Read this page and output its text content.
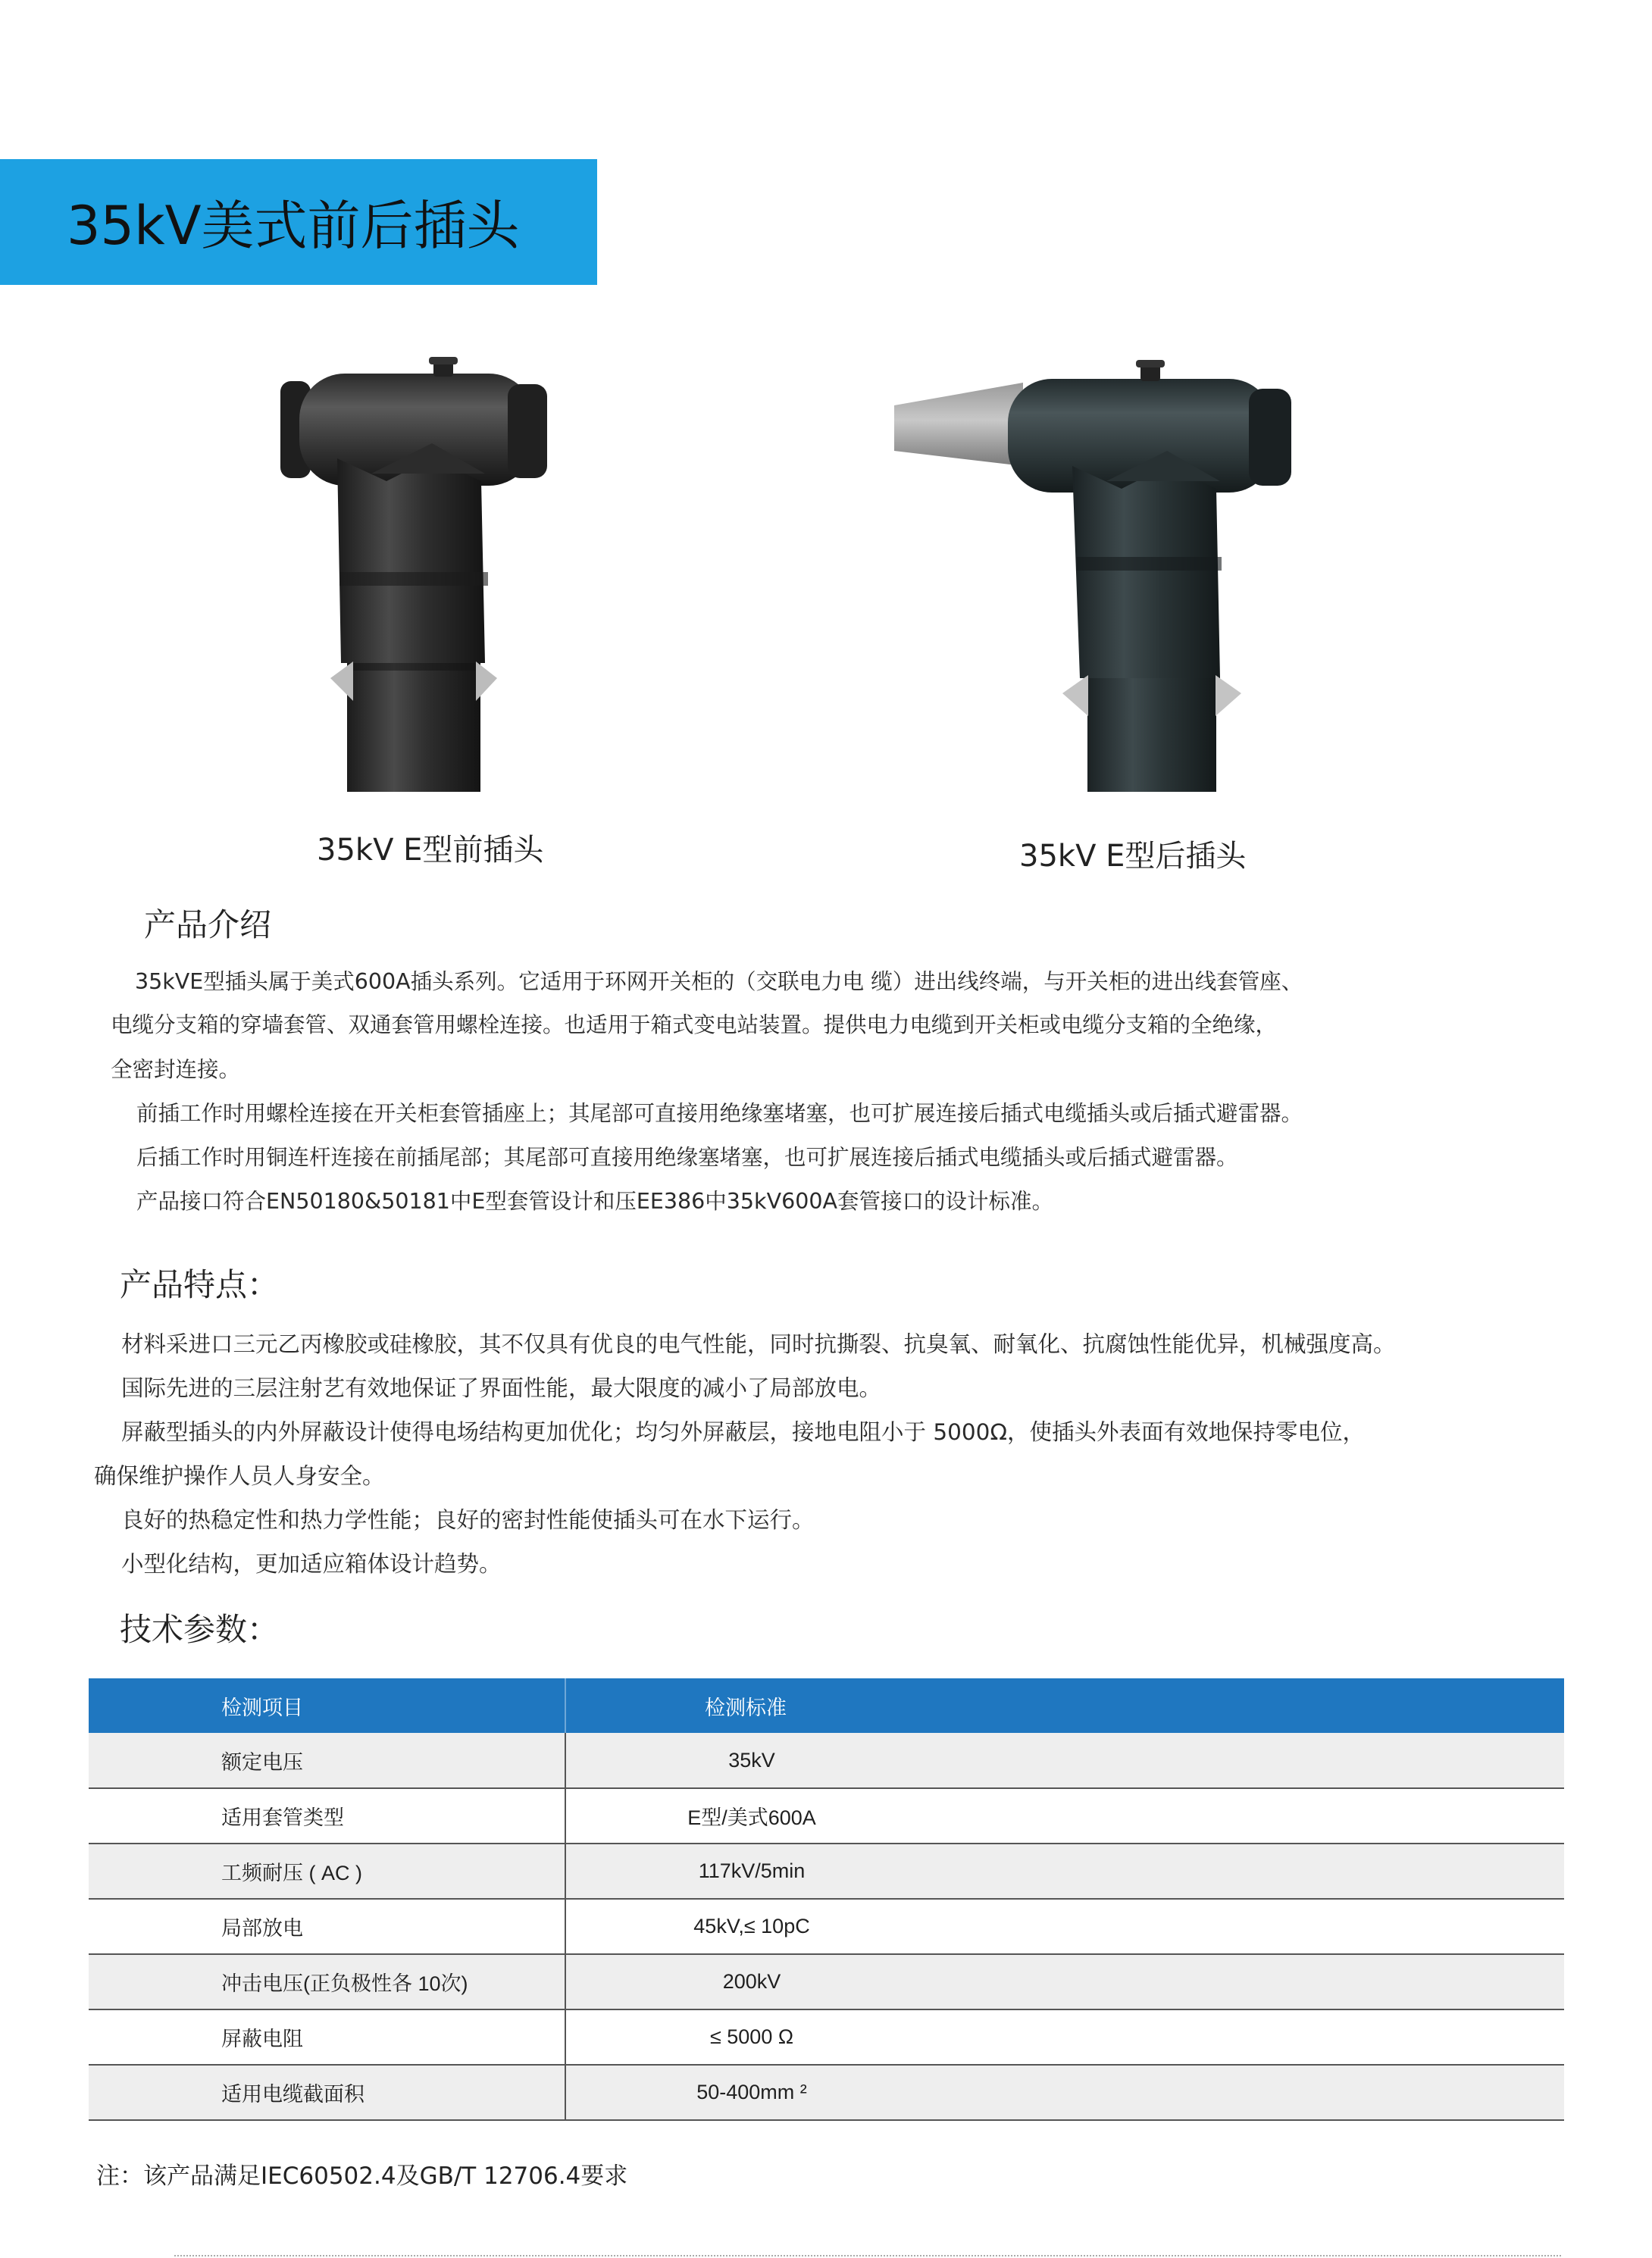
35kV美式前后插头
35kV E型前插头	35kV E型后插头
产品介绍
35kVE型插头属于美式600A插头系列。它适用于环网开关柜的（交联电力电 缆）进出线终端，与开关柜的进出线套管座、
电缆分支箱的穿墙套管、双通套管用螺栓连接。也适用于箱式变电站装置。提供电力电缆到开关柜或电缆分支箱的全绝缘，
全密封连接。
前插工作时用螺栓连接在开关柜套管插座上；其尾部可直接用绝缘塞堵塞，也可扩展连接后插式电缆插头或后插式避雷器。
后插工作时用铜连杆连接在前插尾部；其尾部可直接用绝缘塞堵塞，也可扩展连接后插式电缆插头或后插式避雷器。
产品接口符合EN50180&50181中E型套管设计和压EE386中35kV600A套管接口的设计标准。
产品特点：
材料采进口三元乙丙橡胶或硅橡胶，其不仅具有优良的电气性能，同时抗撕裂、抗臭氧、耐氧化、抗腐蚀性能优异，机械强度高。
国际先进的三层注射艺有效地保证了界面性能，最大限度的减小了局部放电。
屏蔽型插头的内外屏蔽设计使得电场结构更加优化；均匀外屏蔽层，接地电阻小于 5000Ω，使插头外表面有效地保持零电位，
确保维护操作人员人身安全。
良好的热稳定性和热力学性能；良好的密封性能使插头可在水下运行。
小型化结构，更加适应箱体设计趋势。
技术参数：
检测项目	检测标准
额定电压	35kV
适用套管类型	E型/美式600A
工频耐压 ( AC )	117kV/5min
局部放电	45kV,≤ 10pC
冲击电压(正负极性各 10次)	200kV
屏蔽电阻	≤ 5000 Ω
适用电缆截面积	50-400mm ²
注：该产品满足IEC60502.4及GB/T 12706.4要求
